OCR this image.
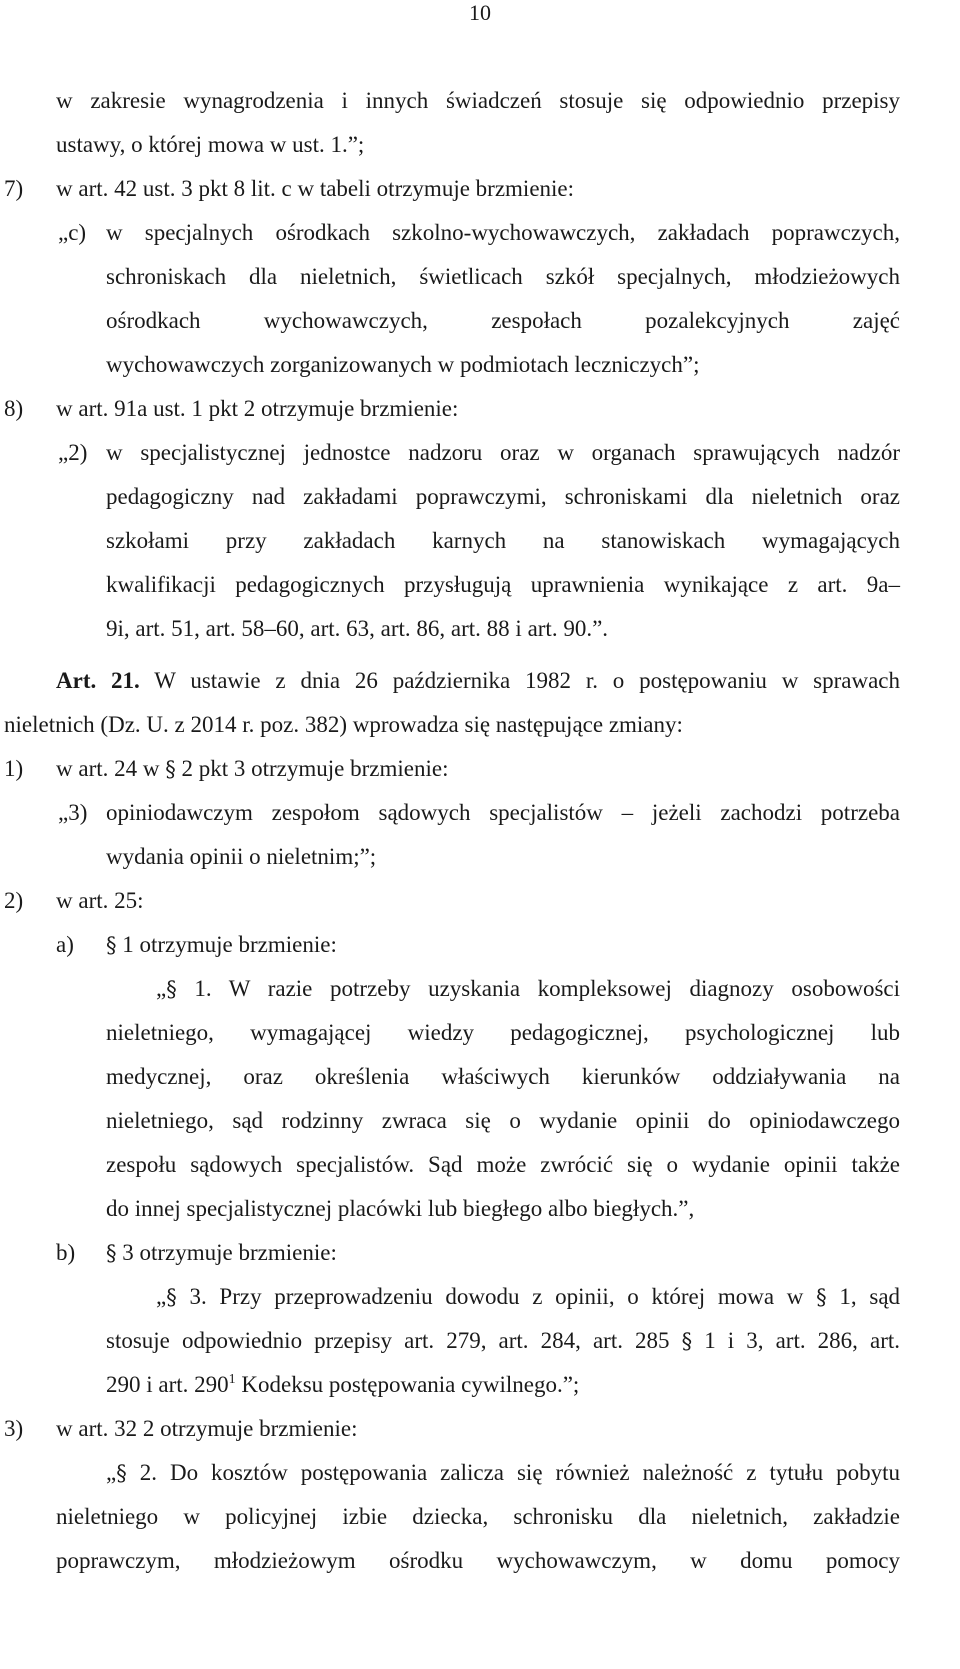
10
w zakresie wynagrodzenia i innych świadczeń stosuje się odpowiednio przepisy
ustawy, o której mowa w ust. 1.”;
7) w art. 42 ust. 3 pkt 8 lit. c w tabeli otrzymuje brzmienie:
„c) w specjalnych ośrodkach szkolno-wychowawczych, zakładach poprawczych,
schroniskach dla nieletnich, świetlicach szkół specjalnych, młodzieżowych
ośrodkach wychowawczych, zespołach pozalekcyjnych zajęć
wychowawczych zorganizowanych w podmiotach leczniczych”;
8) w art. 91a ust. 1 pkt 2 otrzymuje brzmienie:
„2) w specjalistycznej jednostce nadzoru oraz w organach sprawujących nadzór
pedagogiczny nad zakładami poprawczymi, schroniskami dla nieletnich oraz
szkołami przy zakładach karnych na stanowiskach wymagających
kwalifikacji pedagogicznych przysługują uprawnienia wynikające z art. 9a–
9i, art. 51, art. 58–60, art. 63, art. 86, art. 88 i art. 90.”.
Art. 21. W ustawie z dnia 26 października 1982 r. o postępowaniu w sprawach
nieletnich (Dz. U. z 2014 r. poz. 382) wprowadza się następujące zmiany:
1) w art. 24 w § 2 pkt 3 otrzymuje brzmienie:
„3) opiniodawczym zespołom sądowych specjalistów – jeżeli zachodzi potrzeba
wydania opinii o nieletnim;”;
2) w art. 25:
a) § 1 otrzymuje brzmienie:
„§ 1. W razie potrzeby uzyskania kompleksowej diagnozy osobowości
nieletniego, wymagającej wiedzy pedagogicznej, psychologicznej lub
medycznej, oraz określenia właściwych kierunków oddziaływania na
nieletniego, sąd rodzinny zwraca się o wydanie opinii do opiniodawczego
zespołu sądowych specjalistów. Sąd może zwrócić się o wydanie opinii także
do innej specjalistycznej placówki lub biegłego albo biegłych.”,
b) § 3 otrzymuje brzmienie:
„§ 3. Przy przeprowadzeniu dowodu z opinii, o której mowa w § 1, sąd
stosuje odpowiednio przepisy art. 279, art. 284, art. 285 § 1 i 3, art. 286, art.
290 i art. $290^1$ Kodeksu postępowania cywilnego.”;
3) w art. 32 2 otrzymuje brzmienie:
„§ 2. Do kosztów postępowania zalicza się również należność z tytułu pobytu
nieletniego w policyjnej izbie dziecka, schronisku dla nieletnich, zakładzie
poprawczym, młodzieżowym ośrodku wychowawczym, w domu pomocy
